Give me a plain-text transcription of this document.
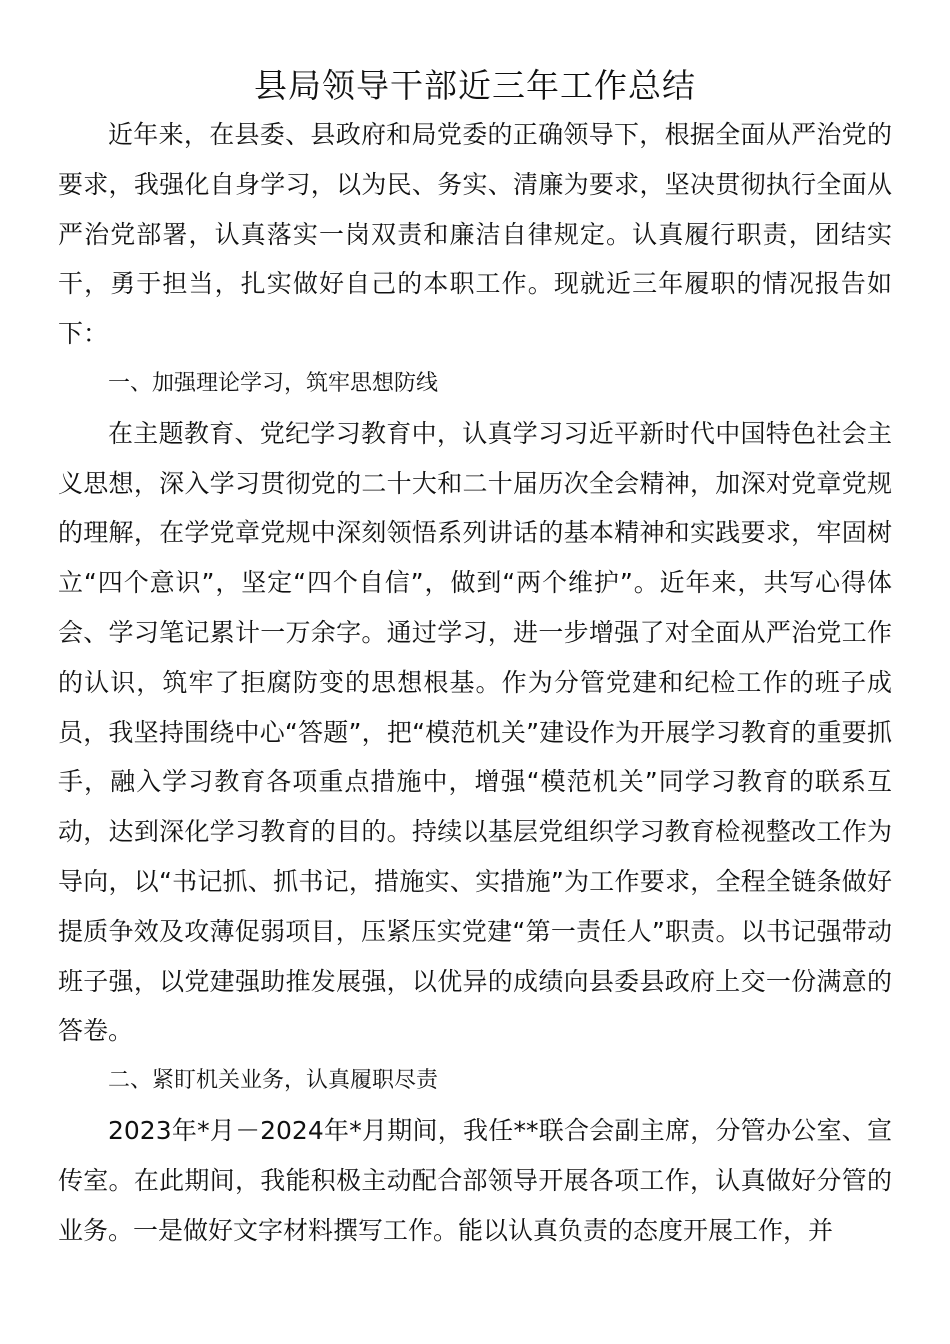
县局领导干部近三年工作总结

近年来，在县委、县政府和局党委的正确领导下，根据全面从严治党的要求，我强化自身学习，以为民、务实、清廉为要求，坚决贯彻执行全面从严治党部署，认真落实一岗双责和廉洁自律规定。认真履行职责，团结实干，勇于担当，扎实做好自己的本职工作。现就近三年履职的情况报告如下：

一、加强理论学习，筑牢思想防线

在主题教育、党纪学习教育中，认真学习习近平新时代中国特色社会主义思想，深入学习贯彻党的二十大和二十届历次全会精神，加深对党章党规的理解，在学党章党规中深刻领悟系列讲话的基本精神和实践要求，牢固树立“四个意识”，坚定“四个自信”，做到“两个维护”。近年来，共写心得体会、学习笔记累计一万余字。通过学习，进一步增强了对全面从严治党工作的认识，筑牢了拒腐防变的思想根基。作为分管党建和纪检工作的班子成员，我坚持围绕中心“答题”，把“模范机关”建设作为开展学习教育的重要抓手，融入学习教育各项重点措施中，增强“模范机关”同学习教育的联系互动，达到深化学习教育的目的。持续以基层党组织学习教育检视整改工作为导向，以“书记抓、抓书记，措施实、实措施”为工作要求，全程全链条做好提质争效及攻薄促弱项目，压紧压实党建“第一责任人”职责。以书记强带动班子强，以党建强助推发展强，以优异的成绩向县委县政府上交一份满意的答卷。

二、紧盯机关业务，认真履职尽责

2023年*月－2024年*月期间，我任**联合会副主席，分管办公室、宣传室。在此期间，我能积极主动配合部领导开展各项工作，认真做好分管的业务。一是做好文字材料撰写工作。能以认真负责的态度开展工作，并
